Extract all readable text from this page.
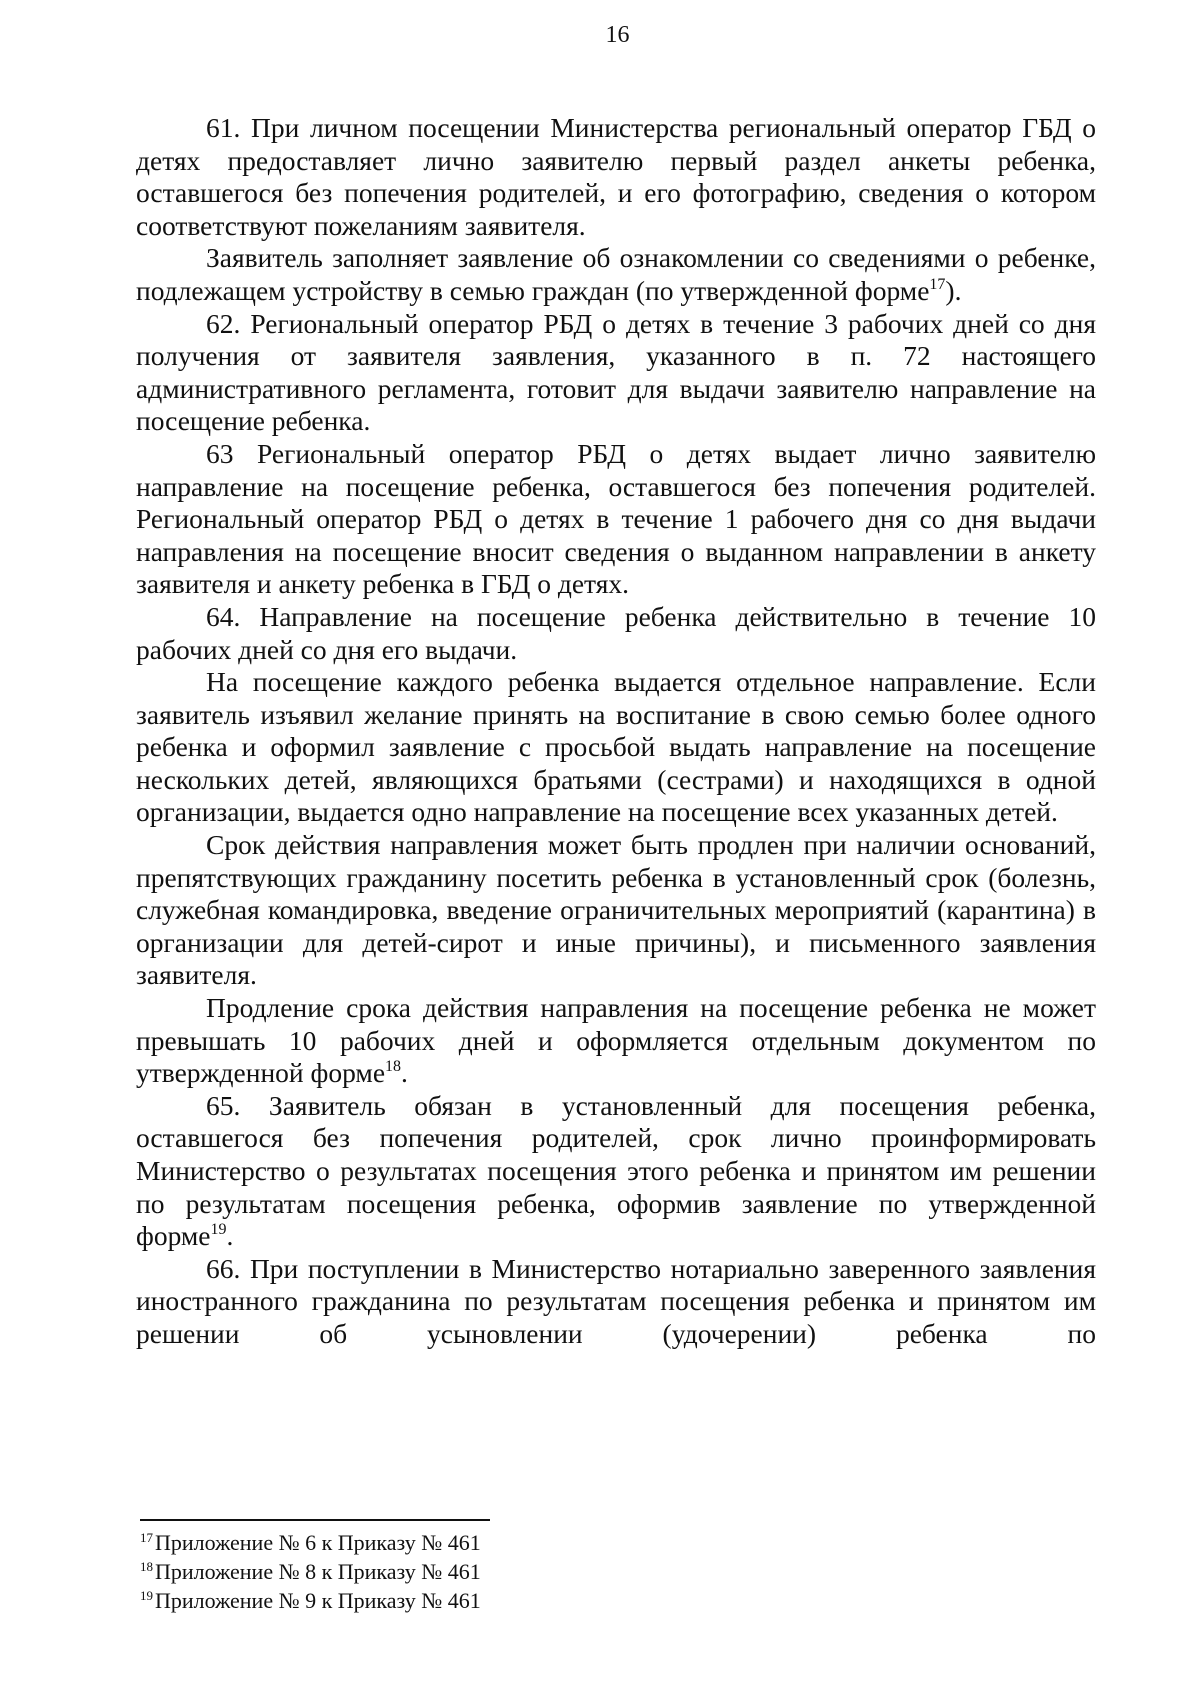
16

61. При личном посещении Министерства региональный оператор ГБД о детях предоставляет лично заявителю первый раздел анкеты ребенка, оставшегося без попечения родителей, и его фотографию, сведения о котором соответствуют пожеланиям заявителя.

Заявитель заполняет заявление об ознакомлении со сведениями о ребенке, подлежащем устройству в семью граждан (по утвержденной форме$^{17}$).

62. Региональный оператор РБД о детях в течение 3 рабочих дней со дня получения от заявителя заявления, указанного в п. 72 настоящего административного регламента, готовит для выдачи заявителю направление на посещение ребенка.

63 Региональный оператор РБД о детях выдает лично заявителю направление на посещение ребенка, оставшегося без попечения родителей. Региональный оператор РБД о детях в течение 1 рабочего дня со дня выдачи направления на посещение вносит сведения о выданном направлении в анкету заявителя и анкету ребенка в ГБД о детях.

64. Направление на посещение ребенка действительно в течение 10 рабочих дней со дня его выдачи.

На посещение каждого ребенка выдается отдельное направление. Если заявитель изъявил желание принять на воспитание в свою семью более одного ребенка и оформил заявление с просьбой выдать направление на посещение нескольких детей, являющихся братьями (сестрами) и находящихся в одной организации, выдается одно направление на посещение всех указанных детей.

Срок действия направления может быть продлен при наличии оснований, препятствующих гражданину посетить ребенка в установленный срок (болезнь, служебная командировка, введение ограничительных мероприятий (карантина) в организации для детей-сирот и иные причины), и письменного заявления заявителя.

Продление срока действия направления на посещение ребенка не может превышать 10 рабочих дней и оформляется отдельным документом по утвержденной форме$^{18}$.

65. Заявитель обязан в установленный для посещения ребенка, оставшегося без попечения родителей, срок лично проинформировать Министерство о результатах посещения этого ребенка и принятом им решении по результатам посещения ребенка, оформив заявление по утвержденной форме$^{19}$.

66. При поступлении в Министерство нотариально заверенного заявления иностранного гражданина по результатам посещения ребенка и принятом им решении об усыновлении (удочерении) ребенка по

$^{17}$Приложение № 6 к Приказу № 461
$^{18}$Приложение № 8 к Приказу № 461
$^{19}$Приложение № 9 к Приказу № 461
